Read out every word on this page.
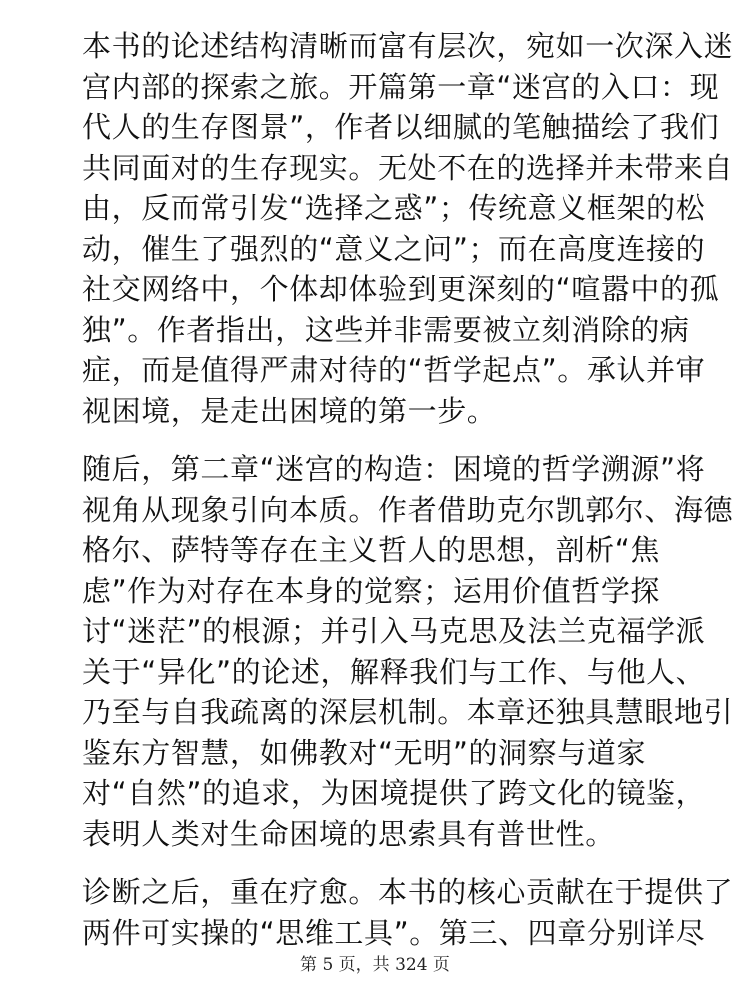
本书的论述结构清晰而富有层次，宛如一次深入迷
宫内部的探索之旅。开篇第一章“迷宫的入口：现
代人的生存图景”，作者以细腻的笔触描绘了我们
共同面对的生存现实。无处不在的选择并未带来自
由，反而常引发“选择之惑”；传统意义框架的松
动，催生了强烈的“意义之问”；而在高度连接的
社交网络中，个体却体验到更深刻的“喧嚣中的孤
独”。作者指出，这些并非需要被立刻消除的病
症，而是值得严肃对待的“哲学起点”。承认并审
视困境，是走出困境的第一步。
随后，第二章“迷宫的构造：困境的哲学溯源”将
视角从现象引向本质。作者借助克尔凯郭尔、海德
格尔、萨特等存在主义哲人的思想，剖析“焦
虑”作为对存在本身的觉察；运用价值哲学探
讨“迷茫”的根源；并引入马克思及法兰克福学派
关于“异化”的论述，解释我们与工作、与他人、
乃至与自我疏离的深层机制。本章还独具慧眼地引
鉴东方智慧，如佛教对“无明”的洞察与道家
对“自然”的追求，为困境提供了跨文化的镜鉴，
表明人类对生命困境的思索具有普世性。
诊断之后，重在疗愈。本书的核心贡献在于提供了
两件可实操的“思维工具”。第三、四章分别详尽
第 5 页，共 324 页
